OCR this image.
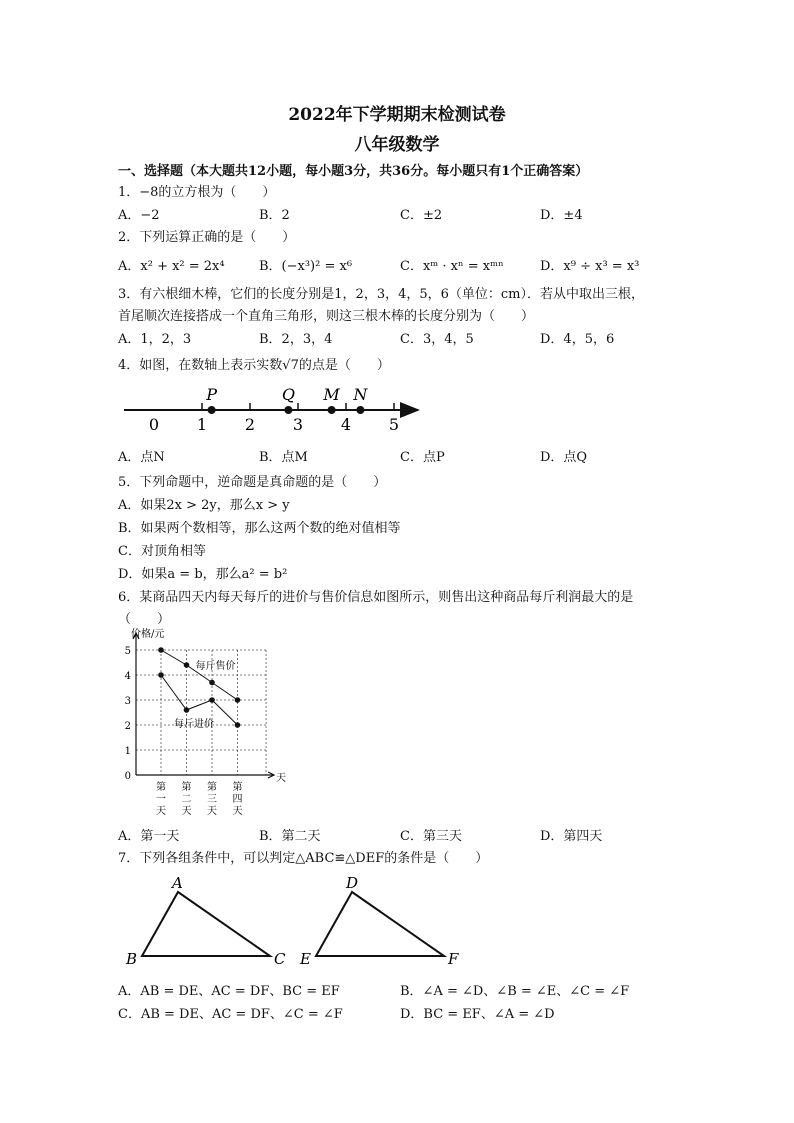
2022年下学期期末检测试卷
八年级数学
一、选择题（本大题共12小题，每小题3分，共36分。每小题只有1个正确答案）
1．−8的立方根为（　　）
A．−2	B．2	C．±2	D．±4
2．下列运算正确的是（　　）
A．x² + x² = 2x⁴	B．(−x³)² = x⁶	C．xᵐ · xⁿ = xᵐⁿ	D．x⁹ ÷ x³ = x³
3．有六根细木棒，它们的长度分别是1，2，3，4，5，6（单位：cm）．若从中取出三根，
首尾顺次连接搭成一个直角三角形，则这三根木棒的长度分别为（　　）
A．1，2，3	B．2，3，4	C．3，4，5	D．4，5，6
4．如图，在数轴上表示实数√7的点是（　　）
0 1 2 3 4 5
P	Q M N
A．点N	B．点M	C．点P	D．点Q
5．下列命题中，逆命题是真命题的是（　　）
A．如果2x > 2y，那么x > y
B．如果两个数相等，那么这两个数的绝对值相等
C．对顶角相等
D．如果a = b，那么a² = b²
6．某商品四天内每天每斤的进价与售价信息如图所示，则售出这种商品每斤利润最大的是
（　　）
0
1
2
3
4
5
价格/元
天
第
一
天
第
二
天
第
三
天
第
四
天
每斤售价
每斤进价
A．第一天	B．第二天	C．第三天	D．第四天
7．下列各组条件中，可以判定△ABC≌△DEF的条件是（　　）
A
B	C
D
E	F
A．AB = DE、AC = DF、BC = EF	B．∠A = ∠D、∠B = ∠E、∠C = ∠F
C．AB = DE、AC = DF、∠C = ∠F	D．BC = EF、∠A = ∠D
